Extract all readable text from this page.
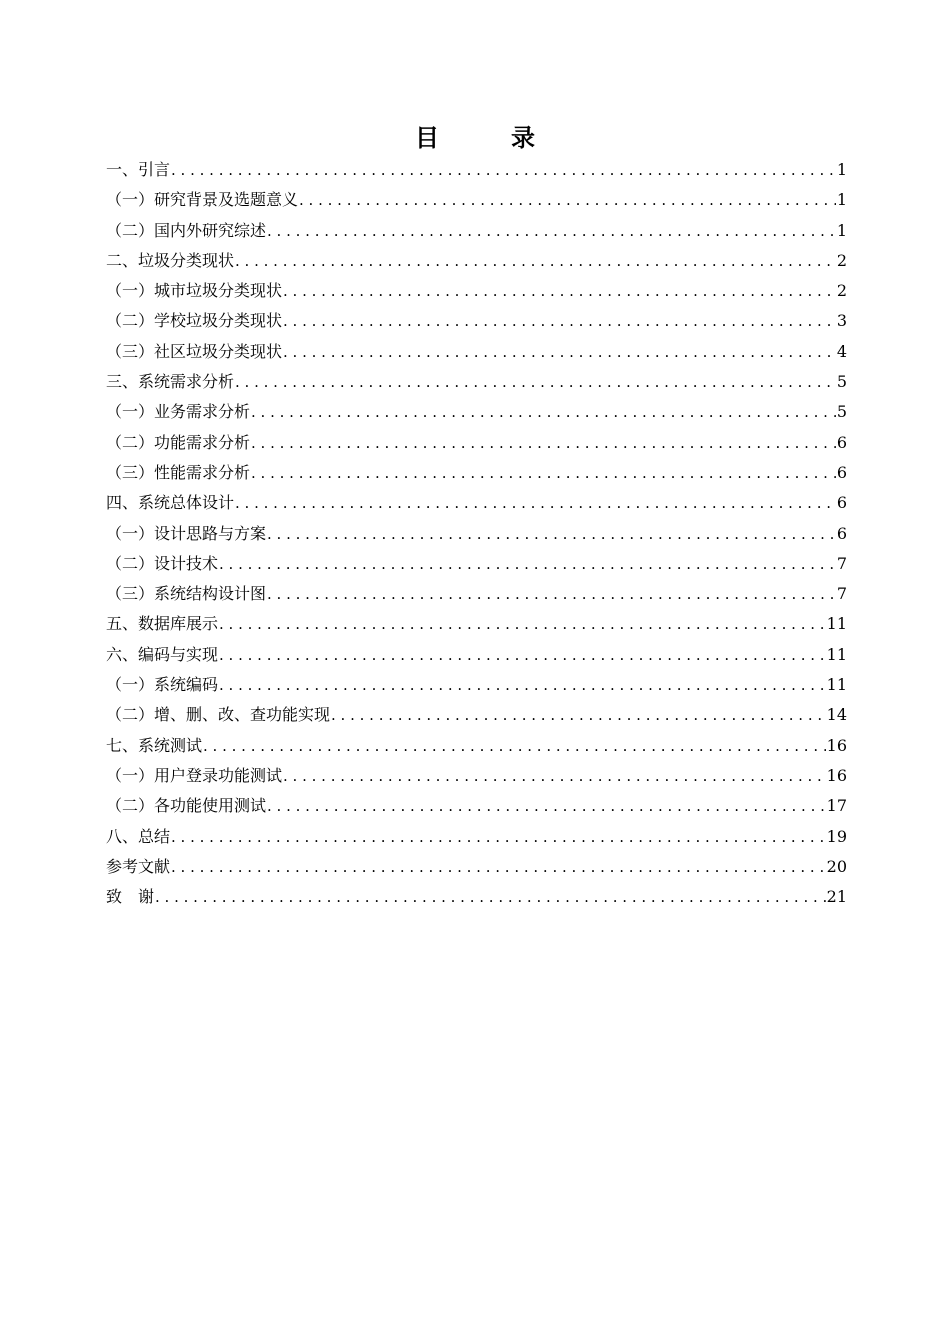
目　录
一、引言 . . .	1
（一）研究背景及选题意义 . . .	1
（二）国内外研究综述 . . .	1
二、垃圾分类现状 . . .	2
（一）城市垃圾分类现状 . . .	2
（二）学校垃圾分类现状 . . .	3
（三）社区垃圾分类现状 . . .	4
三、系统需求分析 . . .	5
（一）业务需求分析 . . .	5
（二）功能需求分析 . . .	6
（三）性能需求分析 . . .	6
四、系统总体设计 . . .	6
（一）设计思路与方案 . . .	6
（二）设计技术 . . .	7
（三）系统结构设计图 . . .	7
五、数据库展示 . . .	11
六、编码与实现 . . .	11
（一）系统编码 . . .	11
（二）增、删、改、查功能实现 . . .	14
七、系统测试 . . .	16
（一）用户登录功能测试 . . .	16
（二）各功能使用测试 . . .	17
八、总结 . . .	19
参考文献 . . .	20
致　谢 . . .	21
